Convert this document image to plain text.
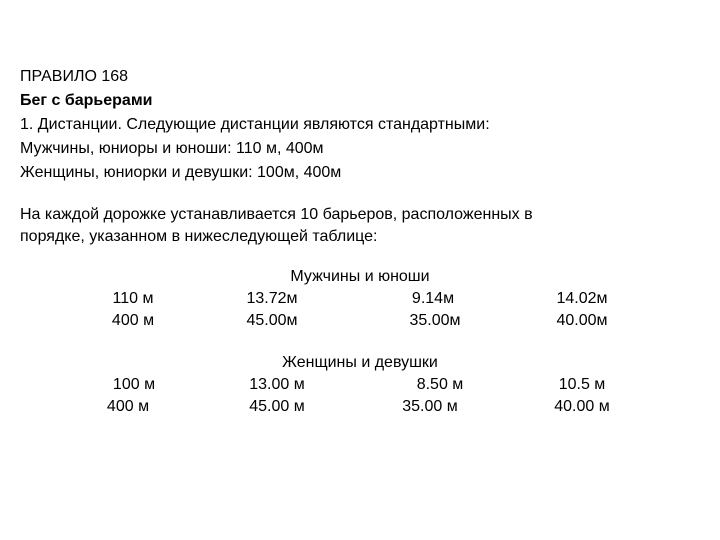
ПРАВИЛО 168
Бег с барьерами
1. Дистанции. Следующие дистанции являются стандартными:
Мужчины, юниоры и юноши: 110 м, 400м
Женщины, юниорки и девушки: 100м, 400м
На каждой дорожке устанавливается 10 барьеров, расположенных в
порядке, указанном в нижеследующей таблице:
Мужчины и юноши
110 м	13.72м	9.14м	14.02м
400 м	45.00м	35.00м	40.00м
Женщины и девушки
100 м	13.00 м	8.50 м	10.5 м
400 м	45.00 м	35.00 м	40.00 м
